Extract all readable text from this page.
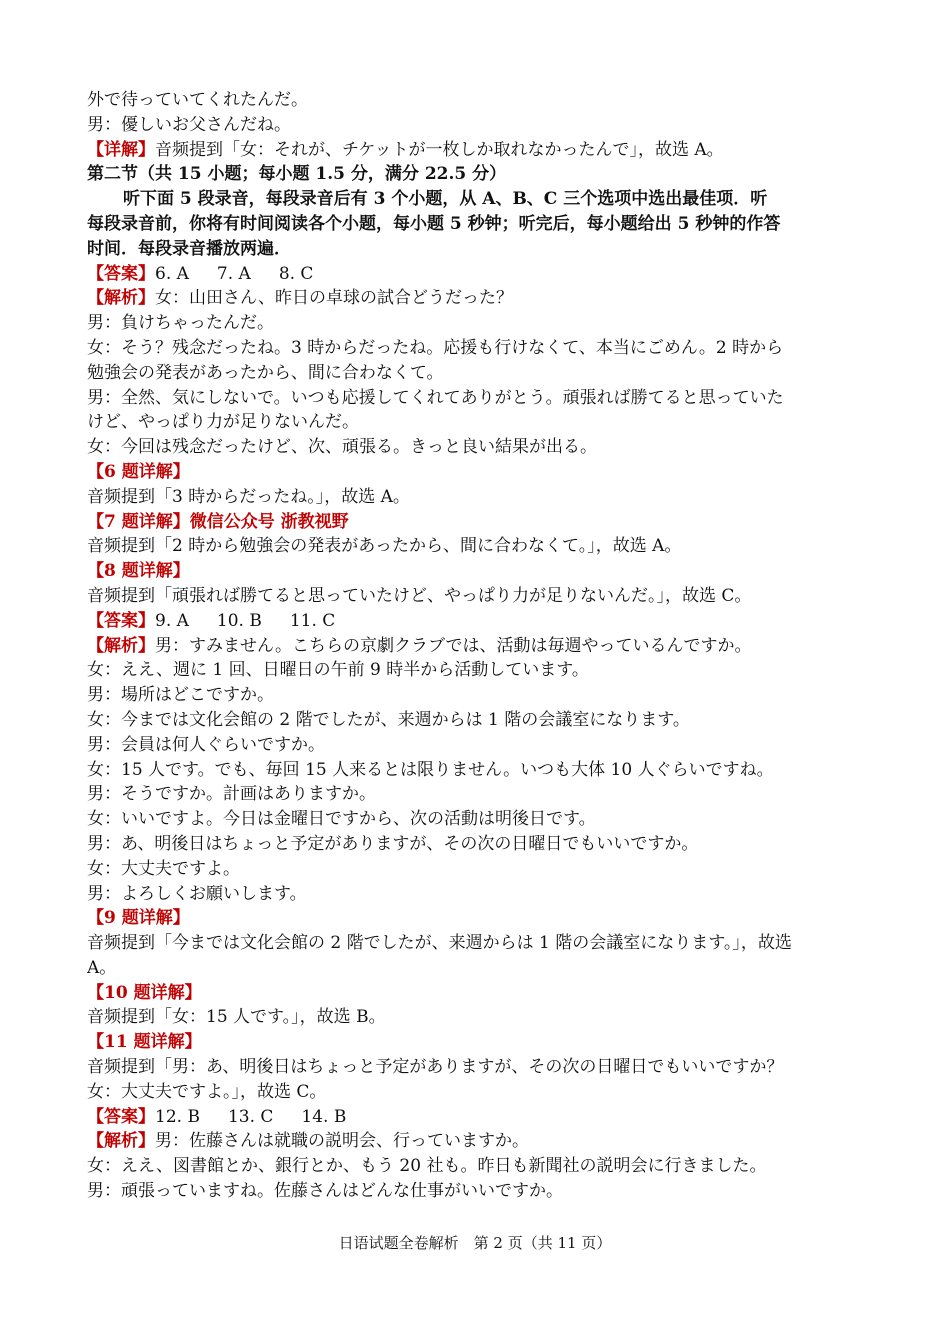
外で待っていてくれたんだ。
男：優しいお父さんだね。
【详解】音频提到「女：それが、チケットが一枚しか取れなかったんで」，故选 A。
第二节（共 15 小题；每小题 1.5 分，满分 22.5 分）
听下面 5 段录音，每段录音后有 3 个小题，从 A、B、C 三个选项中选出最佳项．听
每段录音前，你将有时间阅读各个小题，每小题 5 秒钟；听完后，每小题给出 5 秒钟的作答
时间．每段录音播放两遍．
【答案】6. A 7. A 8. C
【解析】女：山田さん、昨日の卓球の試合どうだった？
男：負けちゃったんだ。
女：そう？残念だったね。3 時からだったね。応援も行けなくて、本当にごめん。2 時から
勉強会の発表があったから、間に合わなくて。
男：全然、気にしないで。いつも応援してくれてありがとう。頑張れば勝てると思っていた
けど、やっぱり力が足りないんだ。
女：今回は残念だったけど、次、頑張る。きっと良い結果が出る。
【6 题详解】
音频提到「3 時からだったね。」，故选 A。
【7 题详解】微信公众号 浙教视野
音频提到「2 時から勉強会の発表があったから、間に合わなくて。」，故选 A。
【8 题详解】
音频提到「頑張れば勝てると思っていたけど、やっぱり力が足りないんだ。」，故选 C。
【答案】9. A 10. B 11. C
【解析】男：すみません。こちらの京劇クラブでは、活動は毎週やっているんですか。
女：ええ、週に 1 回、日曜日の午前 9 時半から活動しています。
男：場所はどこですか。
女：今までは文化会館の 2 階でしたが、来週からは 1 階の会議室になります。
男：会員は何人ぐらいですか。
女：15 人です。でも、毎回 15 人来るとは限りません。いつも大体 10 人ぐらいですね。
男：そうですか。計画はありますか。
女：いいですよ。今日は金曜日ですから、次の活動は明後日です。
男：あ、明後日はちょっと予定がありますが、その次の日曜日でもいいですか。
女：大丈夫ですよ。
男：よろしくお願いします。
【9 题详解】
音频提到「今までは文化会館の 2 階でしたが、来週からは 1 階の会議室になります。」，故选
A。
【10 题详解】
音频提到「女：15 人です。」，故选 B。
【11 题详解】
音频提到「男：あ、明後日はちょっと予定がありますが、その次の日曜日でもいいですか？
女：大丈夫ですよ。」，故选 C。
【答案】12. B 13. C 14. B
【解析】男：佐藤さんは就職の説明会、行っていますか。
女：ええ、図書館とか、銀行とか、もう 20 社も。昨日も新聞社の説明会に行きました。
男：頑張っていますね。佐藤さんはどんな仕事がいいですか。
日语试题全卷解析　第 2 页（共 11 页）
